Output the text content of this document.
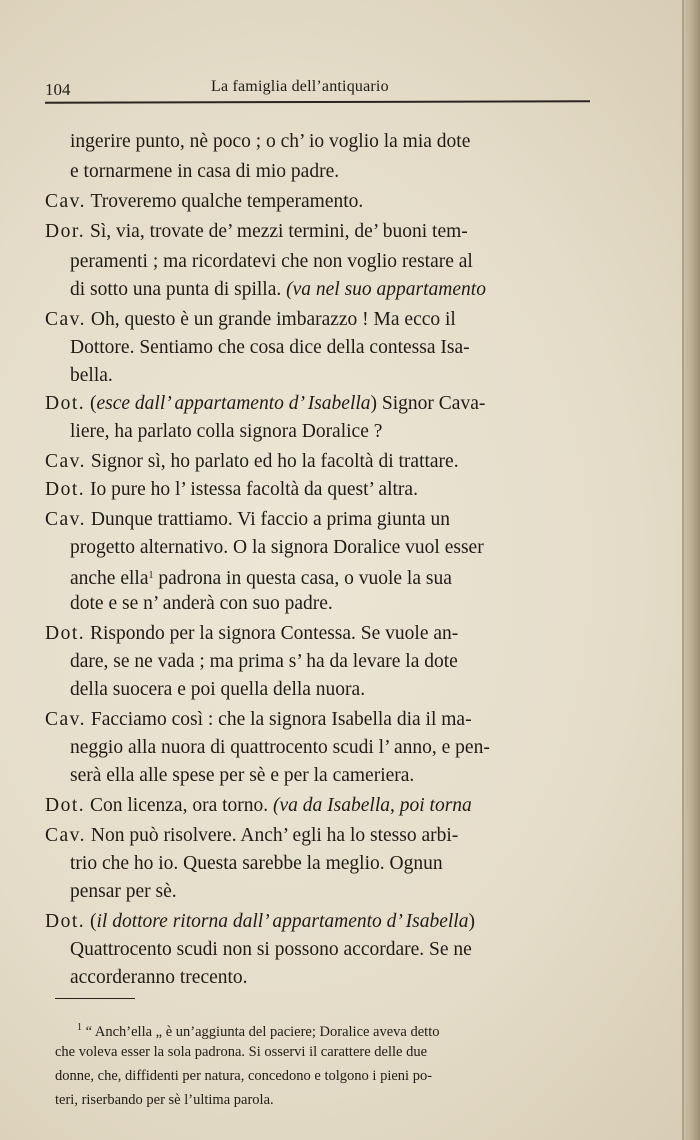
104	La famiglia dell’antiquario
ingerire punto, nè poco ; o ch’ io voglio la mia dote
e tornarmene in casa di mio padre.
Cav. Troveremo qualche temperamento.
Dor. Sì, via, trovate de’ mezzi termini, de’ buoni tem-
peramenti ; ma ricordatevi che non voglio restare al
di sotto una punta di spilla. (va nel suo appartamento
Cav. Oh, questo è un grande imbarazzo ! Ma ecco il
Dottore. Sentiamo che cosa dice della contessa Isa-
bella.
Dot. (esce dall’ appartamento d’ Isabella) Signor Cava-
liere, ha parlato colla signora Doralice ?
Cav. Signor sì, ho parlato ed ho la facoltà di trattare.
Dot. Io pure ho l’ istessa facoltà da quest’ altra.
Cav. Dunque trattiamo. Vi faccio a prima giunta un
progetto alternativo. O la signora Doralice vuol esser
anche ella$^1$ padrona in questa casa, o vuole la sua
dote e se n’ anderà con suo padre.
Dot. Rispondo per la signora Contessa. Se vuole an-
dare, se ne vada ; ma prima s’ ha da levare la dote
della suocera e poi quella della nuora.
Cav. Facciamo così : che la signora Isabella dia il ma-
neggio alla nuora di quattrocento scudi l’ anno, e pen-
serà ella alle spese per sè e per la cameriera.
Dot. Con licenza, ora torno. (va da Isabella, poi torna
Cav. Non può risolvere. Anch’ egli ha lo stesso arbi-
trio che ho io. Questa sarebbe la meglio. Ognun
pensar per sè.
Dot. (il dottore ritorna dall’ appartamento d’ Isabella)
Quattrocento scudi non si possono accordare. Se ne
accorderanno trecento.
$^1$ “ Anch’ella „ è un’aggiunta del paciere; Doralice aveva detto
che voleva esser la sola padrona. Si osservi il carattere delle due
donne, che, diffidenti per natura, concedono e tolgono i pieni po-
teri, riserbando per sè l’ultima parola.
